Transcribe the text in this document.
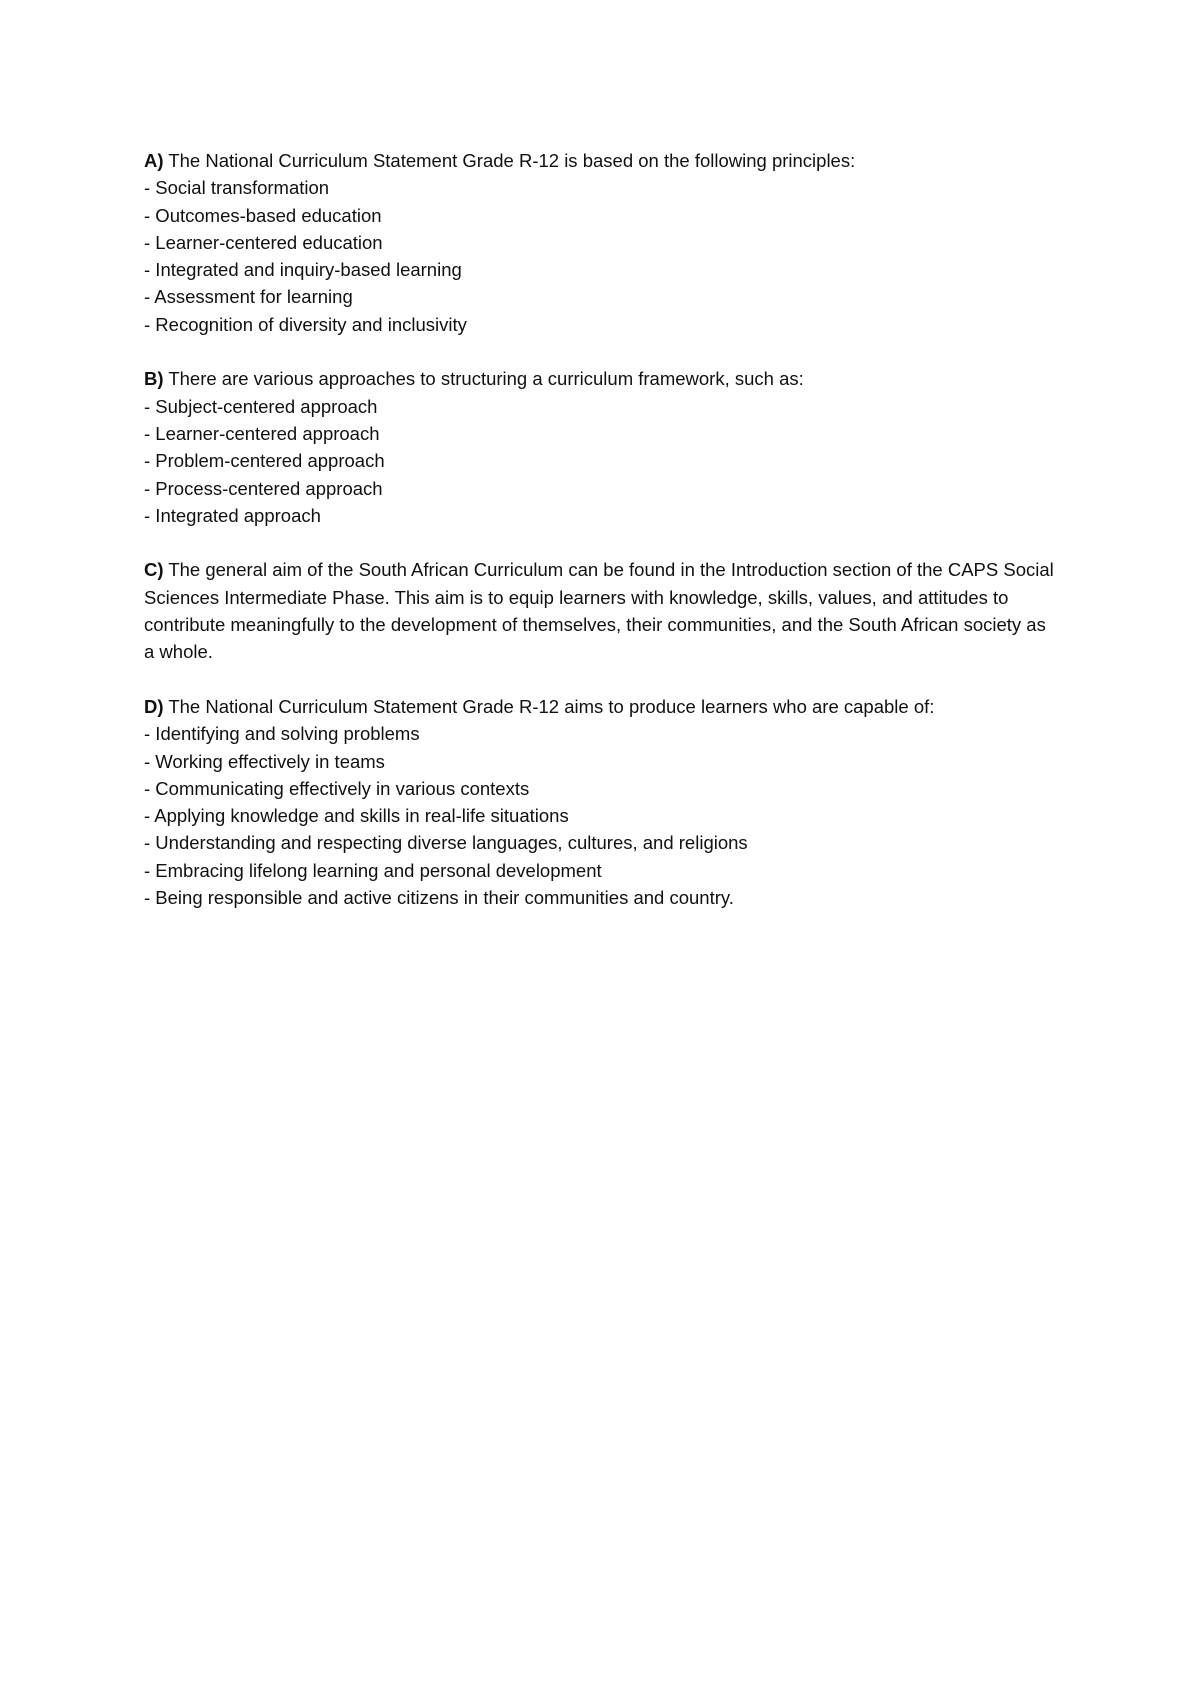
A) The National Curriculum Statement Grade R-12 is based on the following principles:
- Social transformation
- Outcomes-based education
- Learner-centered education
- Integrated and inquiry-based learning
- Assessment for learning
- Recognition of diversity and inclusivity
B) There are various approaches to structuring a curriculum framework, such as:
- Subject-centered approach
- Learner-centered approach
- Problem-centered approach
- Process-centered approach
- Integrated approach
C) The general aim of the South African Curriculum can be found in the Introduction section of the CAPS Social Sciences Intermediate Phase. This aim is to equip learners with knowledge, skills, values, and attitudes to contribute meaningfully to the development of themselves, their communities, and the South African society as a whole.
D) The National Curriculum Statement Grade R-12 aims to produce learners who are capable of:
- Identifying and solving problems
- Working effectively in teams
- Communicating effectively in various contexts
- Applying knowledge and skills in real-life situations
- Understanding and respecting diverse languages, cultures, and religions
- Embracing lifelong learning and personal development
- Being responsible and active citizens in their communities and country.
